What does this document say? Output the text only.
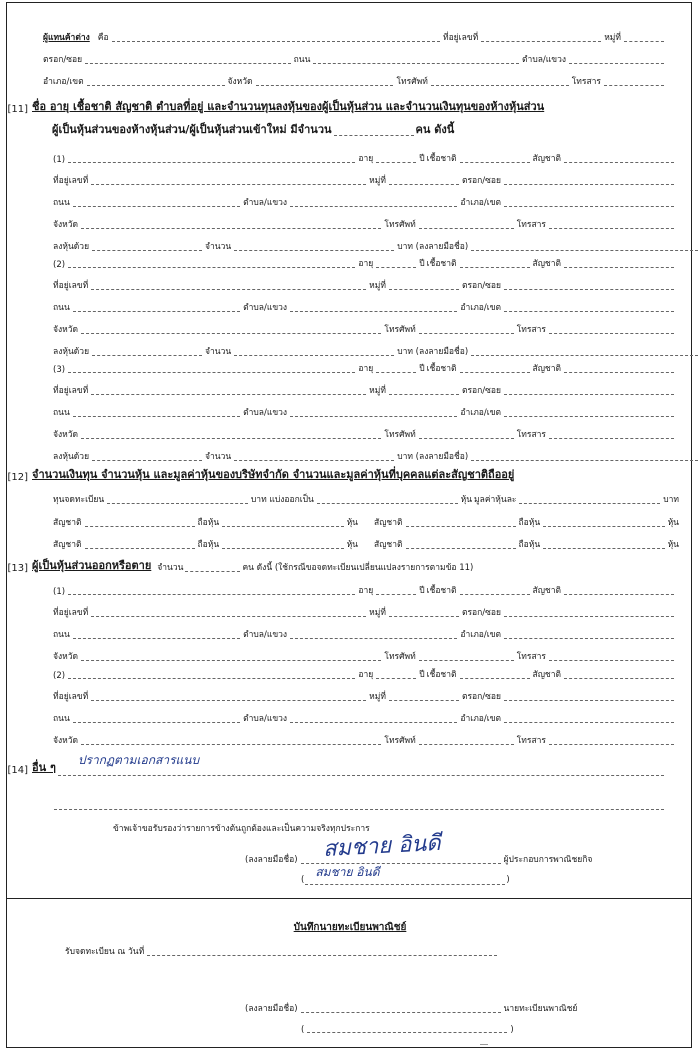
ผู้แทนค้าต่าง คือ	ที่อยู่เลขที่	หมู่ที่
ตรอก/ซอย	ถนน	ตำบล/แขวง
อำเภอ/เขต	จังหวัด	โทรศัพท์	โทรสาร
[11] ชื่อ อายุ เชื้อชาติ สัญชาติ ตำบลที่อยู่ และจำนวนทุนลงหุ้นของผู้เป็นหุ้นส่วน และจำนวนเงินทุนของห้างหุ้นส่วน
ผู้เป็นหุ้นส่วนของห้างหุ้นส่วน/ผู้เป็นหุ้นส่วนเข้าใหม่ มีจำนวน	คน ดังนี้
(1)	อายุ	ปี เชื้อชาติ	สัญชาติ
ที่อยู่เลขที่	หมู่ที่	ตรอก/ซอย
ถนน	ตำบล/แขวง	อำเภอ/เขต
จังหวัด	โทรศัพท์	โทรสาร
ลงหุ้นด้วย	จำนวน	บาท (ลงลายมือชื่อ)
(2)	อายุ	ปี เชื้อชาติ	สัญชาติ
ที่อยู่เลขที่	หมู่ที่	ตรอก/ซอย
ถนน	ตำบล/แขวง	อำเภอ/เขต
จังหวัด	โทรศัพท์	โทรสาร
ลงหุ้นด้วย	จำนวน	บาท (ลงลายมือชื่อ)
(3)	อายุ	ปี เชื้อชาติ	สัญชาติ
ที่อยู่เลขที่	หมู่ที่	ตรอก/ซอย
ถนน	ตำบล/แขวง	อำเภอ/เขต
จังหวัด	โทรศัพท์	โทรสาร
ลงหุ้นด้วย	จำนวน	บาท (ลงลายมือชื่อ)
[12] จำนวนเงินทุน จำนวนหุ้น และมูลค่าหุ้นของบริษัทจำกัด จำนวนและมูลค่าหุ้นที่บุคคลแต่ละสัญชาติถืออยู่
ทุนจดทะเบียน	บาท แบ่งออกเป็น	หุ้น มูลค่าหุ้นละ	บาท
สัญชาติ	ถือหุ้น	หุ้น สัญชาติ	ถือหุ้น	หุ้น
สัญชาติ	ถือหุ้น	หุ้น สัญชาติ	ถือหุ้น	หุ้น
[13] ผู้เป็นหุ้นส่วนออกหรือตาย จำนวน	คน ดังนี้ (ใช้กรณีขอจดทะเบียนเปลี่ยนแปลงรายการตามข้อ 11)
(1)	อายุ	ปี เชื้อชาติ	สัญชาติ
ที่อยู่เลขที่	หมู่ที่	ตรอก/ซอย
ถนน	ตำบล/แขวง	อำเภอ/เขต
จังหวัด	โทรศัพท์	โทรสาร
(2)	อายุ	ปี เชื้อชาติ	สัญชาติ
ที่อยู่เลขที่	หมู่ที่	ตรอก/ซอย
ถนน	ตำบล/แขวง	อำเภอ/เขต
จังหวัด	โทรศัพท์	โทรสาร
[14] อื่น ๆ
ปรากฏตามเอกสารแนบ
ข้าพเจ้าขอรับรองว่ารายการข้างต้นถูกต้องและเป็นความจริงทุกประการ
(ลงลายมือชื่อ)	ผู้ประกอบการพาณิชยกิจ
สมชาย อินดี
(
สมชาย อินดี
)
บันทึกนายทะเบียนพาณิชย์
รับจดทะเบียน ณ วันที่
(ลงลายมือชื่อ)	นายทะเบียนพาณิชย์
(	)
